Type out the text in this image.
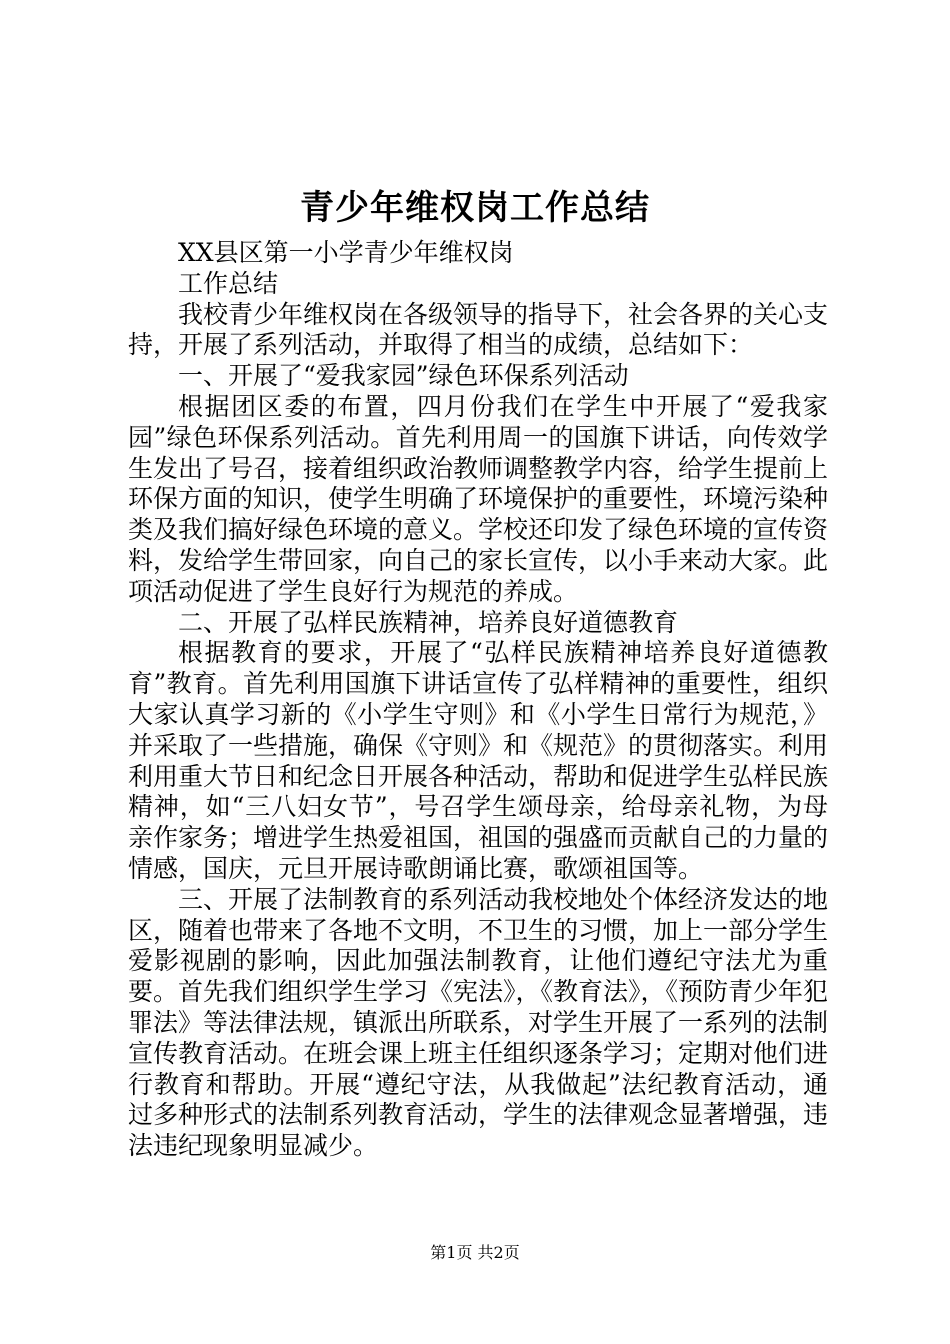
青少年维权岗工作总结

XX县区第一小学青少年维权岗

工作总结

我校青少年维权岗在各级领导的指导下，社会各界的关心支持，开展了系列活动，并取得了相当的成绩，总结如下：

一、开展了“爱我家园”绿色环保系列活动

根据团区委的布置，四月份我们在学生中开展了“爱我家园”绿色环保系列活动。首先利用周一的国旗下讲话，向传效学生发出了号召，接着组织政治教师调整教学内容，给学生提前上环保方面的知识，使学生明确了环境保护的重要性，环境污染种类及我们搞好绿色环境的意义。学校还印发了绿色环境的宣传资料，发给学生带回家，向自己的家长宣传，以小手来动大家。此项活动促进了学生良好行为规范的养成。

二、开展了弘样民族精神，培养良好道德教育

根据教育的要求，开展了“弘样民族精神培养良好道德教育”教育。首先利用国旗下讲话宣传了弘样精神的重要性，组织大家认真学习新的《小学生守则》和《小学生日常行为规范，》并采取了一些措施，确保《守则》和《规范》的贯彻落实。利用利用重大节日和纪念日开展各种活动，帮助和促进学生弘样民族精神，如“三八妇女节”，号召学生颂母亲，给母亲礼物，为母亲作家务；增进学生热爱祖国，祖国的强盛而贡献自己的力量的情感，国庆，元旦开展诗歌朗诵比赛，歌颂祖国等。

三、开展了法制教育的系列活动我校地处个体经济发达的地区，随着也带来了各地不文明，不卫生的习惯，加上一部分学生爱影视剧的影响，因此加强法制教育，让他们遵纪守法尤为重要。首先我们组织学生学习《宪法》，《教育法》，《预防青少年犯罪法》等法律法规，镇派出所联系，对学生开展了一系列的法制宣传教育活动。在班会课上班主任组织逐条学习；定期对他们进行教育和帮助。开展“遵纪守法，从我做起”法纪教育活动，通过多种形式的法制系列教育活动，学生的法律观念显著增强，违法违纪现象明显减少。

第1页 共2页
